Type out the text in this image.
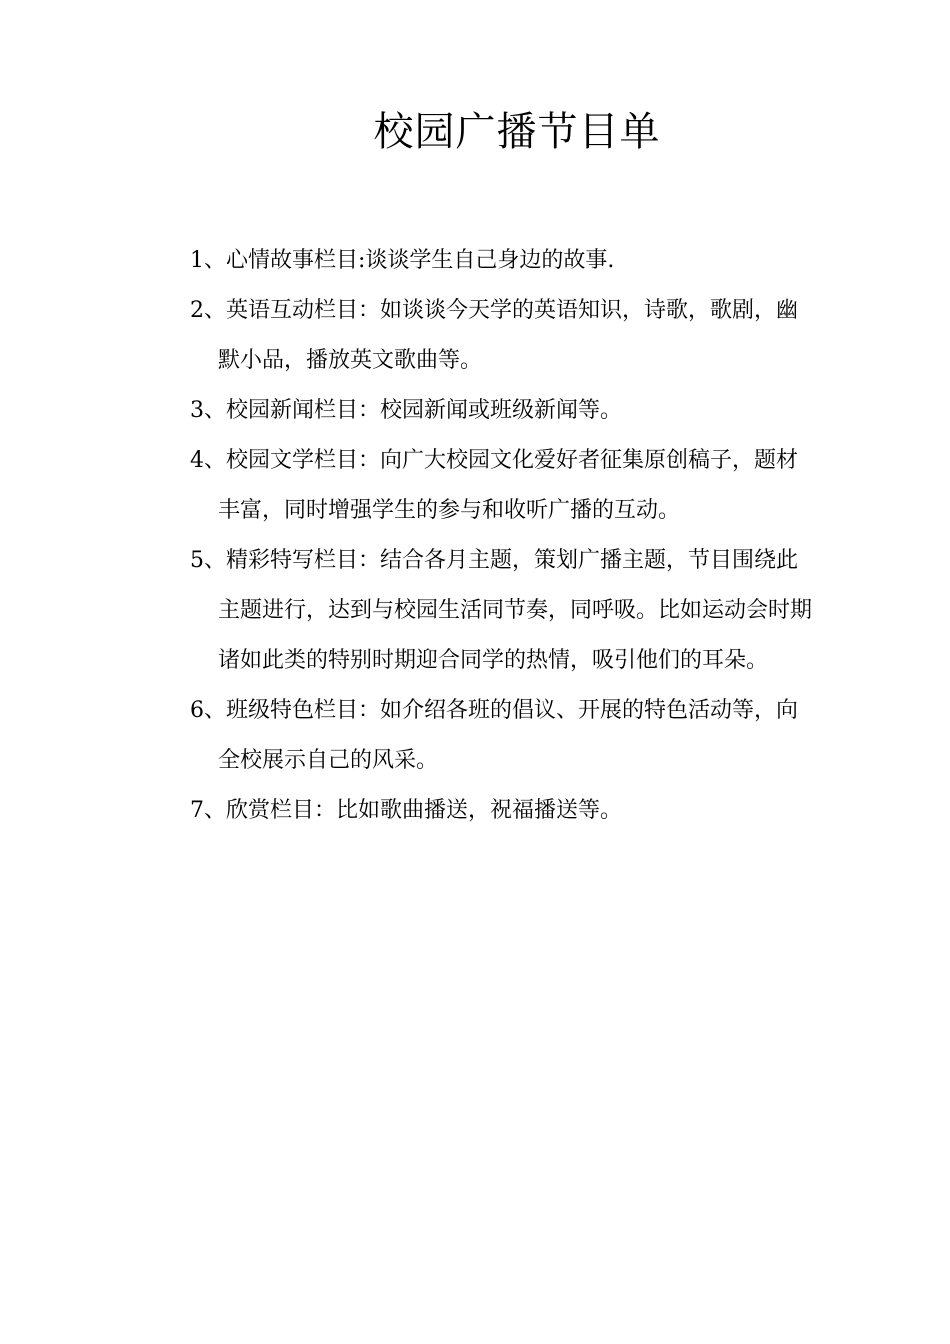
校园广播节目单
1、心情故事栏目:谈谈学生自己身边的故事.
2、英语互动栏目：如谈谈今天学的英语知识，诗歌，歌剧，幽默小品，播放英文歌曲等。
3、校园新闻栏目：校园新闻或班级新闻等。
4、校园文学栏目：向广大校园文化爱好者征集原创稿子，题材丰富，同时增强学生的参与和收听广播的互动。
5、精彩特写栏目：结合各月主题，策划广播主题，节目围绕此主题进行，达到与校园生活同节奏，同呼吸。比如运动会时期诸如此类的特别时期迎合同学的热情，吸引他们的耳朵。
6、班级特色栏目：如介绍各班的倡议、开展的特色活动等，向全校展示自己的风采。
7、欣赏栏目：比如歌曲播送，祝福播送等。
